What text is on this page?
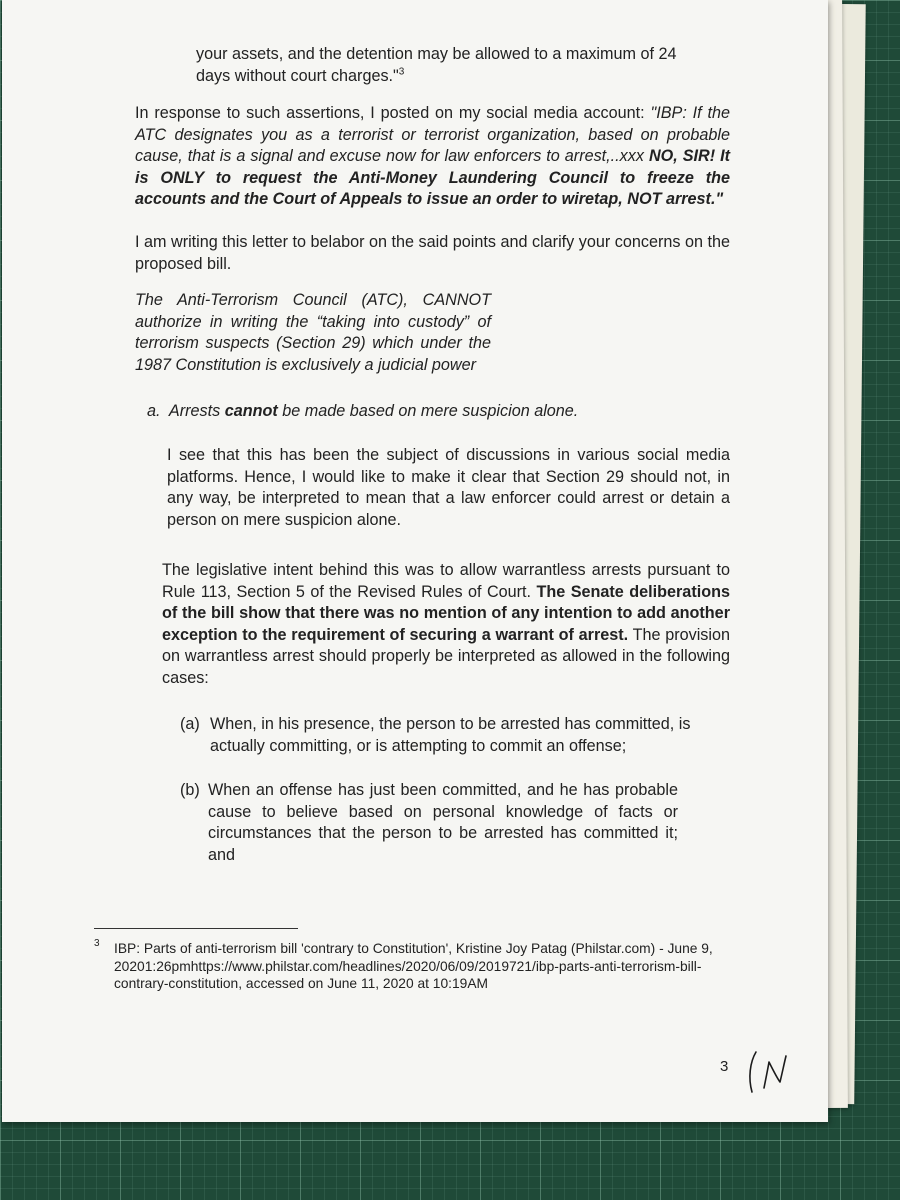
your assets, and the detention may be allowed to a maximum of 24 days without court charges."$^3$

In response to such assertions, I posted on my social media account: "IBP: If the ATC designates you as a terrorist or terrorist organization, based on probable cause, that is a signal and excuse now for law enforcers to arrest,..xxx NO, SIR! It is ONLY to request the Anti-Money Laundering Council to freeze the accounts and the Court of Appeals to issue an order to wiretap, NOT arrest."

I am writing this letter to belabor on the said points and clarify your concerns on the proposed bill.

The Anti-Terrorism Council (ATC), CANNOT authorize in writing the “taking into custody” of terrorism suspects (Section 29) which under the 1987 Constitution is exclusively a judicial power

a. Arrests cannot be made based on mere suspicion alone.

I see that this has been the subject of discussions in various social media platforms. Hence, I would like to make it clear that Section 29 should not, in any way, be interpreted to mean that a law enforcer could arrest or detain a person on mere suspicion alone.

The legislative intent behind this was to allow warrantless arrests pursuant to Rule 113, Section 5 of the Revised Rules of Court. The Senate deliberations of the bill show that there was no mention of any intention to add another exception to the requirement of securing a warrant of arrest. The provision on warrantless arrest should properly be interpreted as allowed in the following cases:

(a) When, in his presence, the person to be arrested has committed, is actually committing, or is attempting to commit an offense;

(b) When an offense has just been committed, and he has probable cause to believe based on personal knowledge of facts or circumstances that the person to be arrested has committed it; and

3 IBP: Parts of anti-terrorism bill 'contrary to Constitution', Kristine Joy Patag (Philstar.com) - June 9, 20201:26pmhttps://www.philstar.com/headlines/2020/06/09/2019721/ibp-parts-anti-terrorism-bill-contrary-constitution, accessed on June 11, 2020 at 10:19AM

3
